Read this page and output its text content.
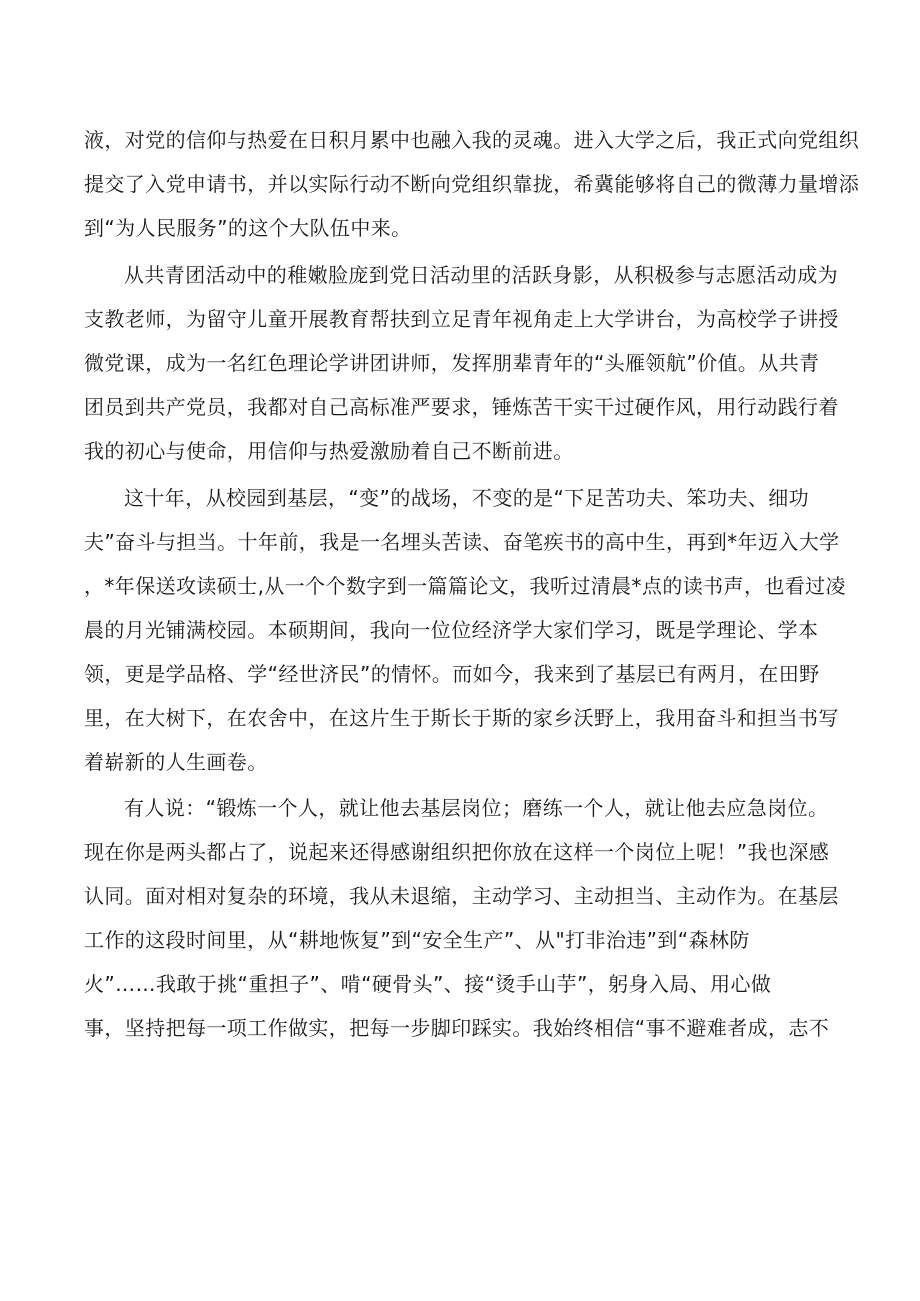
液，对党的信仰与热爱在日积月累中也融入我的灵魂。进入大学之后，我正式向党组织
提交了入党申请书，并以实际行动不断向党组织靠拢，希冀能够将自己的微薄力量增添
到“为人民服务”的这个大队伍中来。
从共青团活动中的稚嫩脸庞到党日活动里的活跃身影，从积极参与志愿活动成为
支教老师，为留守儿童开展教育帮扶到立足青年视角走上大学讲台，为高校学子讲授
微党课，成为一名红色理论学讲团讲师，发挥朋辈青年的“头雁领航”价值。从共青
团员到共产党员，我都对自己高标准严要求，锤炼苦干实干过硬作风，用行动践行着
我的初心与使命，用信仰与热爱激励着自己不断前进。
这十年，从校园到基层，“变”的战场，不变的是“下足苦功夫、笨功夫、细功
夫”奋斗与担当。十年前，我是一名埋头苦读、奋笔疾书的高中生，再到*年迈入大学
，*年保送攻读硕士,从一个个数字到一篇篇论文，我听过清晨*点的读书声，也看过凌
晨的月光铺满校园。本硕期间，我向一位位经济学大家们学习，既是学理论、学本
领，更是学品格、学“经世济民”的情怀。而如今，我来到了基层已有两月，在田野
里，在大树下，在农舍中，在这片生于斯长于斯的家乡沃野上，我用奋斗和担当书写
着崭新的人生画卷。
有人说：“锻炼一个人，就让他去基层岗位；磨练一个人，就让他去应急岗位。
现在你是两头都占了，说起来还得感谢组织把你放在这样一个岗位上呢！”我也深感
认同。面对相对复杂的环境，我从未退缩，主动学习、主动担当、主动作为。在基层
工作的这段时间里，从“耕地恢复”到“安全生产”、从"打非治违”到“森林防
火”……我敢于挑“重担子”、啃“硬骨头”、接“烫手山芋”，躬身入局、用心做
事，坚持把每一项工作做实，把每一步脚印踩实。我始终相信“事不避难者成，志不
